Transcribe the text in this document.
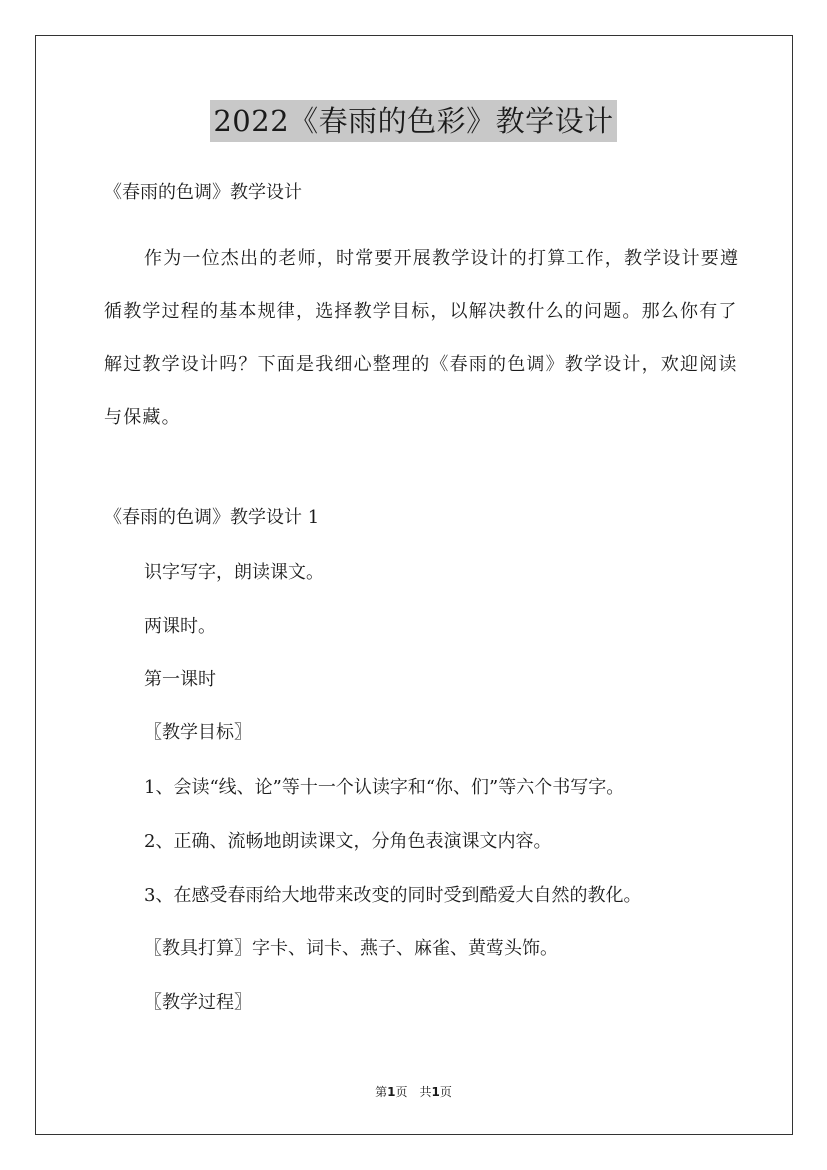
2022《春雨的色彩》教学设计

《春雨的色调》教学设计

作为一位杰出的老师，时常要开展教学设计的打算工作，教学设计要遵循教学过程的基本规律，选择教学目标，以解决教什么的问题。那么你有了解过教学设计吗？下面是我细心整理的《春雨的色调》教学设计，欢迎阅读与保藏。

《春雨的色调》教学设计 1

识字写字，朗读课文。

两课时。

第一课时

〖教学目标〗

1、会读“线、论”等十一个认读字和“你、们”等六个书写字。

2、正确、流畅地朗读课文，分角色表演课文内容。

3、在感受春雨给大地带来改变的同时受到酷爱大自然的教化。

〖教具打算〗字卡、词卡、燕子、麻雀、黄莺头饰。

〖教学过程〗

第1页　共1页
